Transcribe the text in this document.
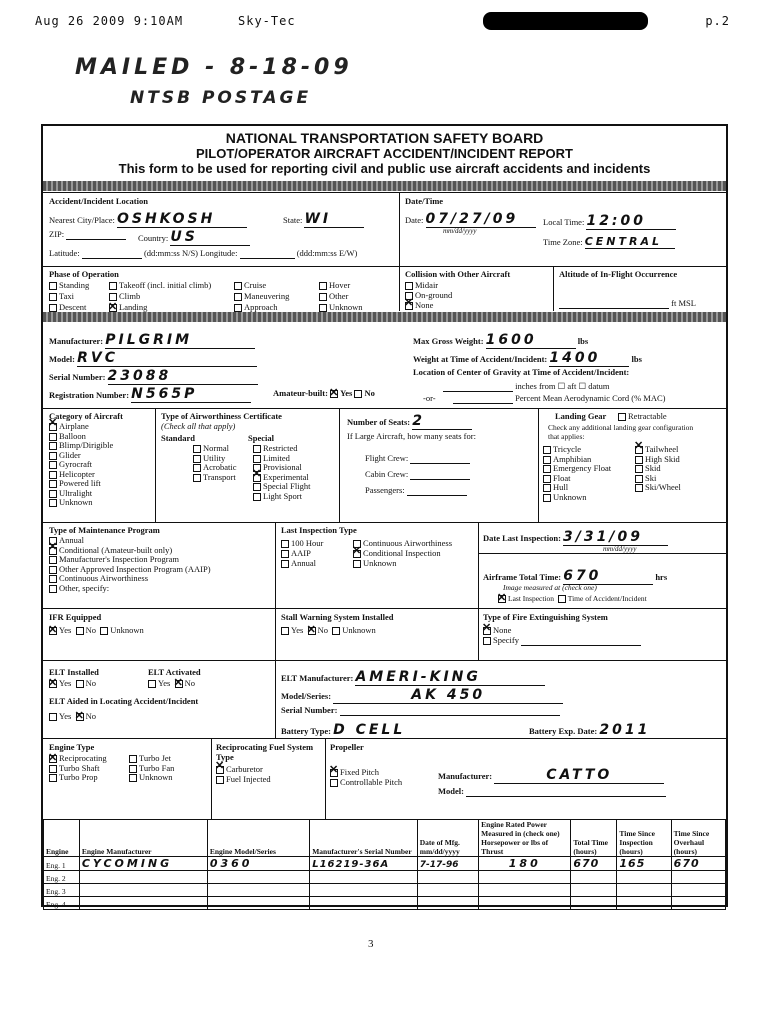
Aug 26 2009 9:10AM	Sky-Tec	p.2
MAILED - 8-18-09
NTSB POSTAGE
NATIONAL TRANSPORTATION SAFETY BOARD
PILOT/OPERATOR AIRCRAFT ACCIDENT/INCIDENT REPORT
This form to be used for reporting civil and public use aircraft accidents and incidents
Accident/Incident Location
Nearest City/Place: OSHKOSH	State: WI
ZIP:	Country: US
Latitude:	(dd:mm:ss N/S) Longitude:	(ddd:mm:ss E/W)
Date/Time
Date: 07/27/09
mm/dd/yyyy
Local Time: 12:00
Time Zone: CENTRAL
Phase of Operation
Standing	Takeoff (incl. initial climb)	Cruise	Hover
Taxi	Climb	Maneuvering	Other
Descent ✕	Landing	Approach	Unknown
Collision with Other Aircraft
Midair
On-ground
✕None
Altitude of In-Flight Occurrence
ft MSL
Manufacturer: PILGRIM
Model: RVC
Serial Number: 23088
Registration Number: N565P	Amateur-built: ✕ Yes No
Max Gross Weight: 1600	lbs
Weight at Time of Accident/Incident: 1400	lbs
Location of Center of Gravity at Time of Accident/Incident:
inches from ☐ aft ☐ datum
-or-	Percent Mean Aerodynamic Cord (% MAC)
Category of Aircraft
✕Airplane
Balloon
Blimp/Dirigible
Glider
Gyrocraft
Helicopter
Powered lift
Ultralight
Unknown
Type of Airworthiness Certificate
(Check all that apply)
Standard	Special
Normal
Utility
Acrobatic
Transport
Restricted
Limited
Provisional
✕Experimental
Special Flight
Light Sport
Number of Seats: 2
If Large Aircraft, how many seats for:
Flight Crew:
Cabin Crew:
Passengers:
Landing Gear	Retractable
Check any additional landing gear configuration that applies:
Tricycle ✕	Tailwheel
Amphibian	High Skid
Emergency Float	Skid
Float	Ski
Hull	Ski/Wheel
Unknown
Type of Maintenance Program
Annual
✕Conditional (Amateur-built only)
Manufacturer's Inspection Program
Other Approved Inspection Program (AAIP)
Continuous Airworthiness
Other, specify:
Last Inspection Type
100 Hour	Continuous Airworthiness
AAIP ✕	Conditional Inspection
Annual	Unknown
Date Last Inspection: 3/31/09
mm/dd/yyyy
Airframe Total Time: 670	hrs
Image measured at (check one)
✕Last Inspection Time of Accident/Incident
IFR Equipped
✕Yes No Unknown
Stall Warning System Installed
Yes ✕ No Unknown
Type of Fire Extinguishing System
✕None
Specify
ELT Installed	ELT Activated
✕Yes No	Yes ✕ No
ELT Aided in Locating Accident/Incident
Yes ✕ No
ELT Manufacturer: AMERI-KING
Model/Series:	AK 450
Serial Number:
Battery Type: D CELL	Battery Exp. Date: 2011
Engine Type
✕Reciprocating
Turbo Shaft
Turbo Prop
Turbo Jet
Turbo Fan
Unknown
Reciprocating Fuel System Type
✕Carburetor
Fuel Injected
Propeller
✕Fixed Pitch
Controllable Pitch
Manufacturer:	CATTO
Model:
Engine	Engine Manufacturer	Engine Model/Series	Manufacturer's Serial Number	Date of Mfg. mm/dd/yyyy	Engine Rated Power Measured in (check one) Horsepower or lbs of Thrust	Total Time (hours)	Time Since Inspection (hours)	Time Since Overhaul (hours)
Eng. 1	CYCOMING	0360	L16219-36A	7-17-96	180	670	165	670
Eng. 2								
Eng. 3								
Eng. 4								
3
